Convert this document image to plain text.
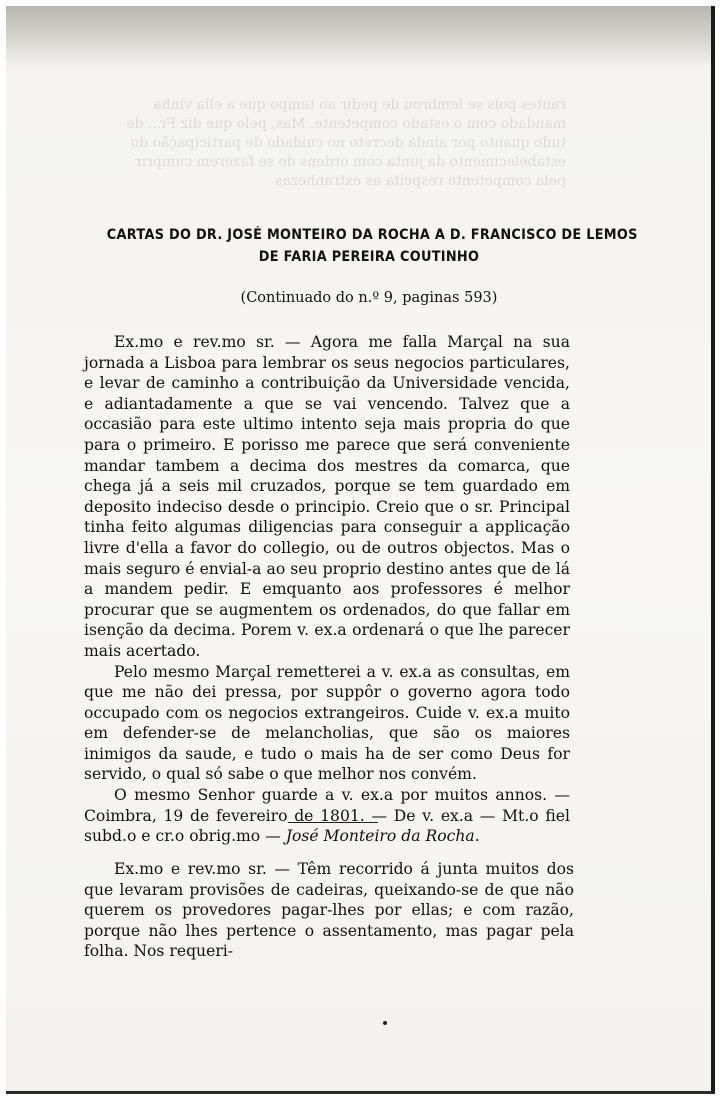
rantes pois se lembrou de pedir ao tempo que a ella vinha mandado com o estado competente. Mas, pelo que diz Fr... de tudo quanto por ainda decreto no cuidado de participação do estabelecimento da junta com ordens de se fazerem cumprir pela competente respeita as extranhezas
CARTAS DO DR. JOSÉ MONTEIRO DA ROCHA A D. FRANCISCO DE LEMOS
DE FARIA PEREIRA COUTINHO
(Continuado do n.º 9, paginas 593)

Ex.mo e rev.mo sr. — Agora me falla Marçal na sua jornada a Lisboa para lembrar os seus negocios particulares, e levar de caminho a contribuição da Universidade vencida, e adiantadamente a que se vai vencendo. Talvez que a occasião para este ultimo intento seja mais propria do que para o primeiro. E porisso me parece que será conveniente mandar tambem a decima dos mestres da comarca, que chega já a seis mil cruzados, porque se tem guardado em deposito indeciso desde o principio. Creio que o sr. Principal tinha feito algumas diligencias para conseguir a applicação livre d'ella a favor do collegio, ou de outros objectos. Mas o mais seguro é envial-a ao seu proprio destino antes que de lá a mandem pedir. E emquanto aos professores é melhor procurar que se augmentem os ordenados, do que fallar em isenção da decima. Porem v. ex.a ordenará o que lhe parecer mais acertado.

Pelo mesmo Marçal remetterei a v. ex.a as consultas, em que me não dei pressa, por suppôr o governo agora todo occupado com os negocios extrangeiros. Cuide v. ex.a muito em defender-se de melancholias, que são os maiores inimigos da saude, e tudo o mais ha de ser como Deus for servido, o qual só sabe o que melhor nos convém.

O mesmo Senhor guarde a v. ex.a por muitos annos. — Coimbra, 19 de fevereiro de 1801. — De v. ex.a — Mt.o fiel subd.o e cr.o obrig.mo — José Monteiro da Rocha.

Ex.mo e rev.mo sr. — Têm recorrido á junta muitos dos que levaram provisões de cadeiras, queixando-se de que não querem os provedores pagar-lhes por ellas; e com razão, porque não lhes pertence o assentamento, mas pagar pela folha. Nos requeri-
